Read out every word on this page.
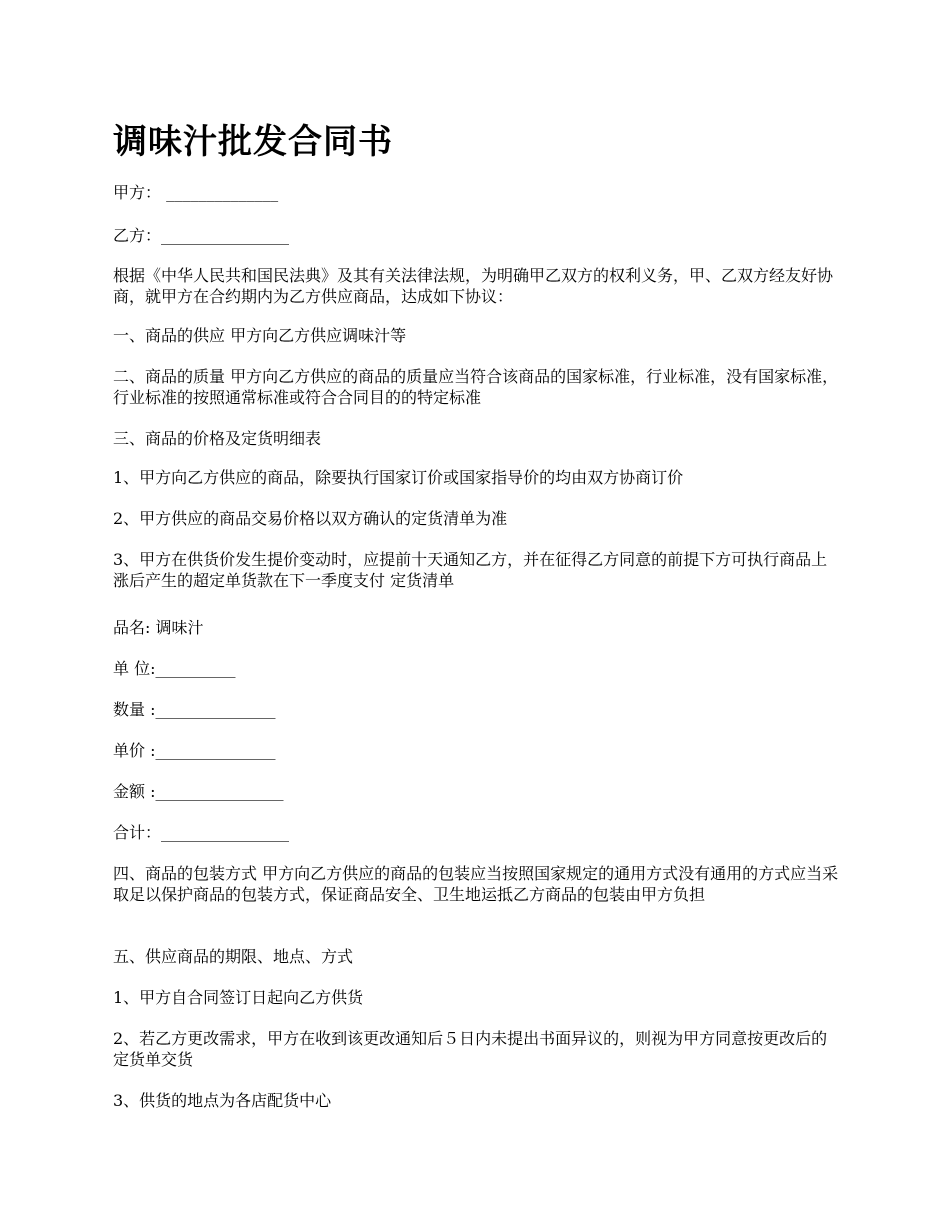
调味汁批发合同书

甲方： ______________

乙方：________________

根据《中华人民共和国民法典》及其有关法律法规，为明确甲乙双方的权利义务，甲、乙双方经友好协商，就甲方在合约期内为乙方供应商品，达成如下协议：

一、商品的供应 甲方向乙方供应调味汁等

二、商品的质量 甲方向乙方供应的商品的质量应当符合该商品的国家标准，行业标准，没有国家标准，行业标准的按照通常标准或符合合同目的的特定标准

三、商品的价格及定货明细表

1、甲方向乙方供应的商品，除要执行国家订价或国家指导价的均由双方协商订价

2、甲方供应的商品交易价格以双方确认的定货清单为准

3、甲方在供货价发生提价变动时，应提前十天通知乙方，并在征得乙方同意的前提下方可执行商品上涨后产生的超定单货款在下一季度支付 定货清单

品名: 调味汁

单 位:__________

数量 :_______________

单价 :_______________

金额 :________________

合计：________________

四、商品的包装方式 甲方向乙方供应的商品的包装应当按照国家规定的通用方式没有通用的方式应当采取足以保护商品的包装方式，保证商品安全、卫生地运抵乙方商品的包装由甲方负担

五、供应商品的期限、地点、方式

1、甲方自合同签订日起向乙方供货

2、若乙方更改需求，甲方在收到该更改通知后５日内未提出书面异议的，则视为甲方同意按更改后的定货单交货

3、供货的地点为各店配货中心
